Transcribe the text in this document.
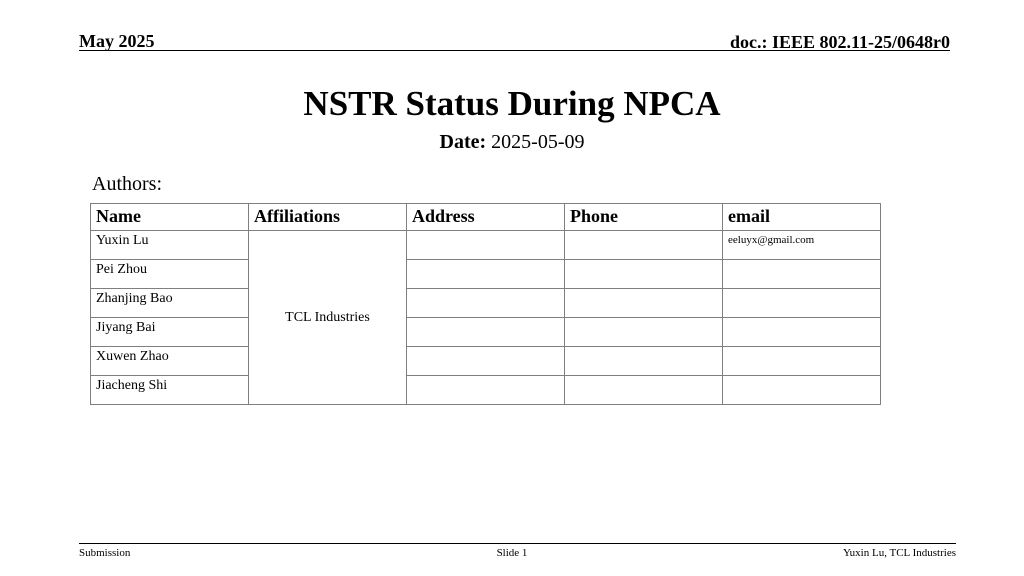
May 2025	doc.: IEEE 802.11-25/0648r0
NSTR Status During NPCA
Date: 2025-05-09
Authors:
Name	Affiliations	Address	Phone	email
Yuxin Lu	TCL Industries			eeluyx@gmail.com
Pei Zhou				
Zhanjing Bao				
Jiyang Bai				
Xuwen Zhao				
Jiacheng Shi				
Submission	Slide 1	Yuxin Lu, TCL Industries
